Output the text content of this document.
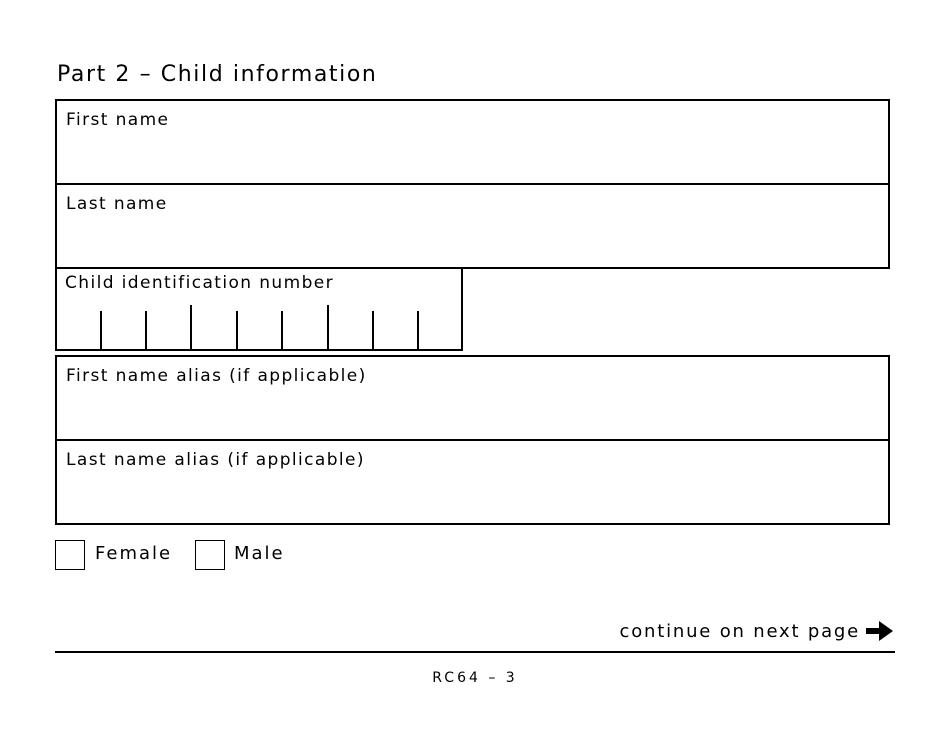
Part 2 – Child information
First name
Last name
Child identification number
First name alias (if applicable)
Last name alias (if applicable)
Female	Male
continue on next page
RC64 – 3
